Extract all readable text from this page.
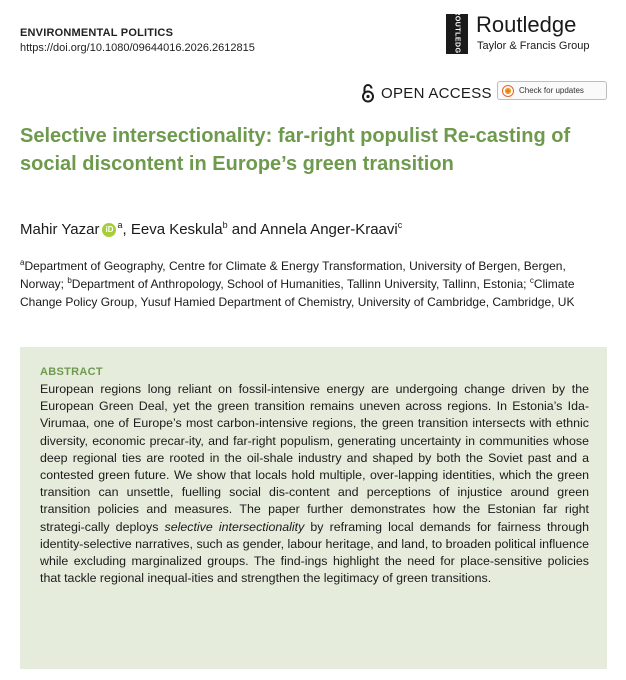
ENVIRONMENTAL POLITICS
https://doi.org/10.1080/09644016.2026.2612815	ROUTLEDGE Routledge
Taylor & Francis Group
OPEN ACCESS	Check for updates
Selective intersectionality: far-right populist Re-casting of social discontent in Europe’s green transition
Mahir Yazar iD $^a$, Eeva Keskula$^b$ and Annela Anger-Kraavi$^c$

$^a$Department of Geography, Centre for Climate & Energy Transformation, University of Bergen, Bergen, Norway; $^b$Department of Anthropology, School of Humanities, Tallinn University, Tallinn, Estonia; $^c$Climate Change Policy Group, Yusuf Hamied Department of Chemistry, University of Cambridge, Cambridge, UK

ABSTRACT

European regions long reliant on fossil-intensive energy are undergoing change driven by the European Green Deal, yet the green transition remains uneven across regions. In Estonia’s Ida-Virumaa, one of Europe’s most carbon-intensive regions, the green transition intersects with ethnic diversity, economic precar-ity, and far-right populism, generating uncertainty in communities whose deep regional ties are rooted in the oil-shale industry and shaped by both the Soviet past and a contested green future. We show that locals hold multiple, over-lapping identities, which the green transition can unsettle, fuelling social dis-content and perceptions of injustice around green transition policies and measures. The paper further demonstrates how the Estonian far right strategi-cally deploys selective intersectionality by reframing local demands for fairness through identity-selective narratives, such as gender, labour heritage, and land, to broaden political influence while excluding marginalized groups. The find-ings highlight the need for place-sensitive policies that tackle regional inequal-ities and strengthen the legitimacy of green transitions.
